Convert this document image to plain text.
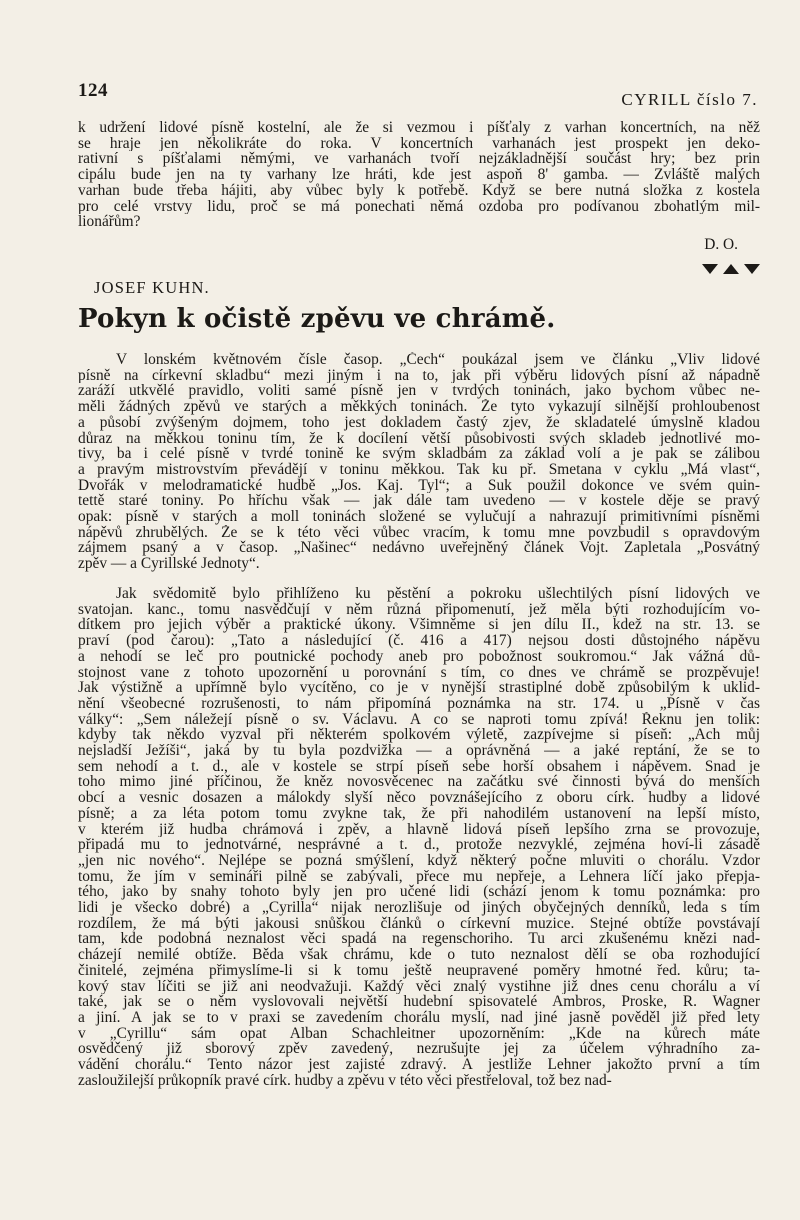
124	CYRILL číslo 7.
k udržení lidové písně kostelní, ale že si vezmou i píšťaly z varhan koncertních, na něž
se hraje jen několikráte do roka. V koncertních varhanách jest prospekt jen deko-
rativní s píšťalami němými, ve varhanách tvoří nejzákladnější součást hry; bez prin
cipálu bude jen na ty varhany lze hráti, kde jest aspoň 8' gamba. — Zvláště malých
varhan bude třeba hájiti, aby vůbec byly k potřebě. Když se bere nutná složka z kostela
pro celé vrstvy lidu, proč se má ponechati němá ozdoba pro podívanou zbohatlým mil-
lionářům?
D. O.
JOSEF KUHN.
Pokyn k očistě zpěvu ve chrámě.
V lonském květnovém čísle časop. „Čech“ poukázal jsem ve článku „Vliv lidové
písně na církevní skladbu“ mezi jiným i na to, jak při výběru lidových písní až nápadně
zaráží utkvělé pravidlo, voliti samé písně jen v tvrdých toninách, jako bychom vůbec ne-
měli žádných zpěvů ve starých a měkkých toninách. Že tyto vykazují silnější prohloubenost
a působí zvýšeným dojmem, toho jest dokladem častý zjev, že skladatelé úmyslně kladou
důraz na měkkou toninu tím, že k docílení větší působivosti svých skladeb jednotlivé mo-
tivy, ba i celé písně v tvrdé tonině ke svým skladbám za základ volí a je pak se zálibou
a pravým mistrovstvím převádějí v toninu měkkou. Tak ku př. Smetana v cyklu „Má vlast“,
Dvořák v melodramatické hudbě „Jos. Kaj. Tyl“; a Suk použil dokonce ve svém quin-
tettě staré toniny. Po hříchu však — jak dále tam uvedeno — v kostele děje se pravý
opak: písně v starých a moll toninách složené se vylučují a nahrazují primitivními písněmi
nápěvů zhrubělých. Že se k této věci vůbec vracím, k tomu mne povzbudil s opravdovým
zájmem psaný a v časop. „Našinec“ nedávno uveřejněný článek Vojt. Zapletala „Posvátný
zpěv — a Cyrillské Jednoty“.
Jak svědomitě bylo přihlíženo ku pěstění a pokroku ušlechtilých písní lidových ve
svatojan. kanc., tomu nasvědčují v něm různá připomenutí, jež měla býti rozhodujícím vo-
dítkem pro jejich výběr a praktické úkony. Všimněme si jen dílu II., kdež na str. 13. se
praví (pod čarou): „Tato a následující (č. 416 a 417) nejsou dosti důstojného nápěvu
a nehodí se leč pro poutnické pochody aneb pro pobožnost soukromou.“ Jak vážná dů-
stojnost vane z tohoto upozornění u porovnání s tím, co dnes ve chrámě se prozpěvuje!
Jak výstižně a upřímně bylo vycítěno, co je v nynější strastiplné době způsobilým k uklid-
nění všeobecné rozrušenosti, to nám připomíná poznámka na str. 174. u „Písně v čas
války“: „Sem náležejí písně o sv. Václavu. A co se naproti tomu zpívá! Řeknu jen tolik:
kdyby tak někdo vyzval při některém spolkovém výletě, zazpívejme si píseň: „Ach můj
nejsladší Ježíši“, jaká by tu byla pozdvižka — a oprávněná — a jaké reptání, že se to
sem nehodí a t. d., ale v kostele se strpí píseň sebe horší obsahem i nápěvem. Snad je
toho mimo jiné příčinou, že kněz novosvěcenec na začátku své činnosti bývá do menších
obcí a vesnic dosazen a málokdy slyší něco povznášejícího z oboru círk. hudby a lidové
písně; a za léta potom tomu zvykne tak, že při nahodilém ustanovení na lepší místo,
v kterém již hudba chrámová i zpěv, a hlavně lidová píseň lepšího zrna se provozuje,
připadá mu to jednotvárné, nesprávné a t. d., protože nezvyklé, zejména hoví-li zásadě
„jen nic nového“. Nejlépe se pozná smýšlení, když některý počne mluviti o chorálu. Vzdor
tomu, že jím v semináři pilně se zabývali, přece mu nepřeje, a Lehnera líčí jako přepja-
tého, jako by snahy tohoto byly jen pro učené lidi (schází jenom k tomu poznámka: pro
lidi je všecko dobré) a „Cyrilla“ nijak nerozlišuje od jiných obyčejných denníků, leda s tím
rozdílem, že má býti jakousi snůškou článků o církevní muzice. Stejné obtíže povstávají
tam, kde podobná neznalost věci spadá na regenschoriho. Tu arci zkušenému knězi nad-
cházejí nemilé obtíže. Běda však chrámu, kde o tuto neznalost dělí se oba rozhodující
činitelé, zejména přimyslíme-li si k tomu ještě neupravené poměry hmotné řed. kůru; ta-
kový stav líčiti se již ani neodvažuji. Každý věci znalý vystihne již dnes cenu chorálu a ví
také, jak se o něm vyslovovali největší hudební spisovatelé Ambros, Proske, R. Wagner
a jiní. A jak se to v praxi se zavedením chorálu myslí, nad jiné jasně pověděl již před lety
v „Cyrillu“ sám opat Alban Schachleitner upozorněním: „Kde na kůrech máte
osvědčený již sborový zpěv zavedený, nezrušujte jej za účelem výhradního za-
vádění chorálu.“ Tento názor jest zajisté zdravý. A jestliže Lehner jakožto první a tím
zasloužilejší průkopník pravé círk. hudby a zpěvu v této věci přestřeloval, tož bez nad-
